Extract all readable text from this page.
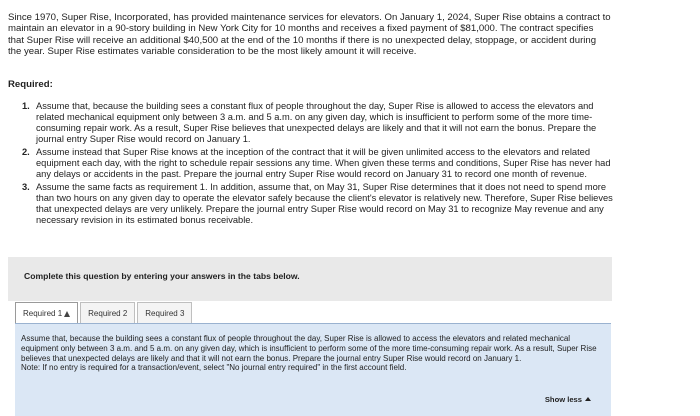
Since 1970, Super Rise, Incorporated, has provided maintenance services for elevators. On January 1, 2024, Super Rise obtains a contract to maintain an elevator in a 90-story building in New York City for 10 months and receives a fixed payment of $81,000. The contract specifies that Super Rise will receive an additional $40,500 at the end of the 10 months if there is no unexpected delay, stoppage, or accident during the year. Super Rise estimates variable consideration to be the most likely amount it will receive.
Required:
1. Assume that, because the building sees a constant flux of people throughout the day, Super Rise is allowed to access the elevators and related mechanical equipment only between 3 a.m. and 5 a.m. on any given day, which is insufficient to perform some of the more time-consuming repair work. As a result, Super Rise believes that unexpected delays are likely and that it will not earn the bonus. Prepare the journal entry Super Rise would record on January 1.
2. Assume instead that Super Rise knows at the inception of the contract that it will be given unlimited access to the elevators and related equipment each day, with the right to schedule repair sessions any time. When given these terms and conditions, Super Rise has never had any delays or accidents in the past. Prepare the journal entry Super Rise would record on January 31 to record one month of revenue.
3. Assume the same facts as requirement 1. In addition, assume that, on May 31, Super Rise determines that it does not need to spend more than two hours on any given day to operate the elevator safely because the client's elevator is relatively new. Therefore, Super Rise believes that unexpected delays are very unlikely. Prepare the journal entry Super Rise would record on May 31 to recognize May revenue and any necessary revision in its estimated bonus receivable.
Complete this question by entering your answers in the tabs below.
Required 1	Required 2	Required 3
Assume that, because the building sees a constant flux of people throughout the day, Super Rise is allowed to access the elevators and related mechanical equipment only between 3 a.m. and 5 a.m. on any given day, which is insufficient to perform some of the more time-consuming repair work. As a result, Super Rise believes that unexpected delays are likely and that it will not earn the bonus. Prepare the journal entry Super Rise would record on January 1.
Note: If no entry is required for a transaction/event, select "No journal entry required" in the first account field.
Show less
